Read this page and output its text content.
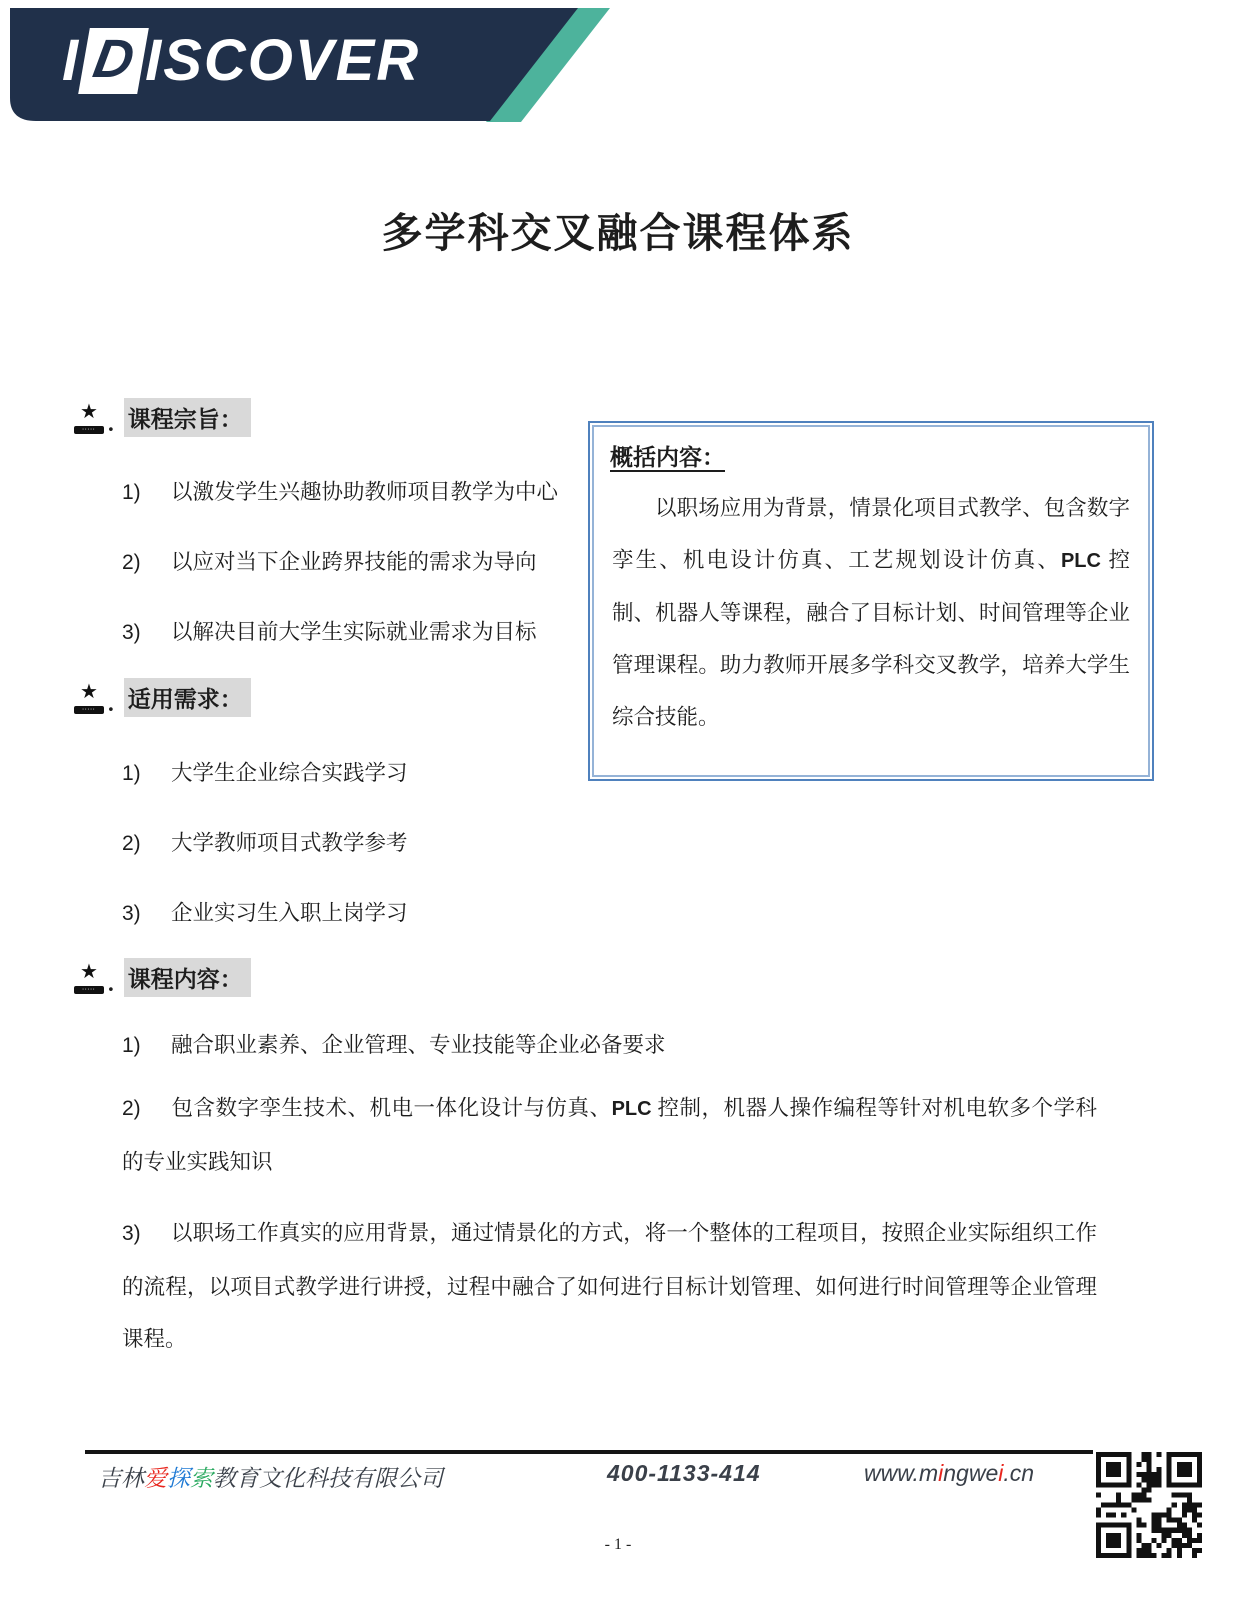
I D ISCOVER
多学科交叉融合课程体系
★
····· . 课程宗旨：
1) 以激发学生兴趣协助教师项目教学为中心
2) 以应对当下企业跨界技能的需求为导向
3) 以解决目前大学生实际就业需求为目标
★
····· . 适用需求：
1) 大学生企业综合实践学习
2) 大学教师项目式教学参考
3) 企业实习生入职上岗学习
★
····· . 课程内容：
1) 融合职业素养、企业管理、专业技能等企业必备要求
2) 包含数字孪生技术、机电一体化设计与仿真、PLC 控制，机器人操作编程等针对机电软多个学科的专业实践知识
3) 以职场工作真实的应用背景，通过情景化的方式，将一个整体的工程项目，按照企业实际组织工作的流程，以项目式教学进行讲授，过程中融合了如何进行目标计划管理、如何进行时间管理等企业管理课程。
概括内容：
以职场应用为背景，情景化项目式教学、包含数字孪生、机电设计仿真、工艺规划设计仿真、PLC 控制、机器人等课程，融合了目标计划、时间管理等企业管理课程。助力教师开展多学科交叉教学，培养大学生综合技能。
吉林爱探索教育文化科技有限公司	400-1133-414	www.mingwei.cn
- 1 -
